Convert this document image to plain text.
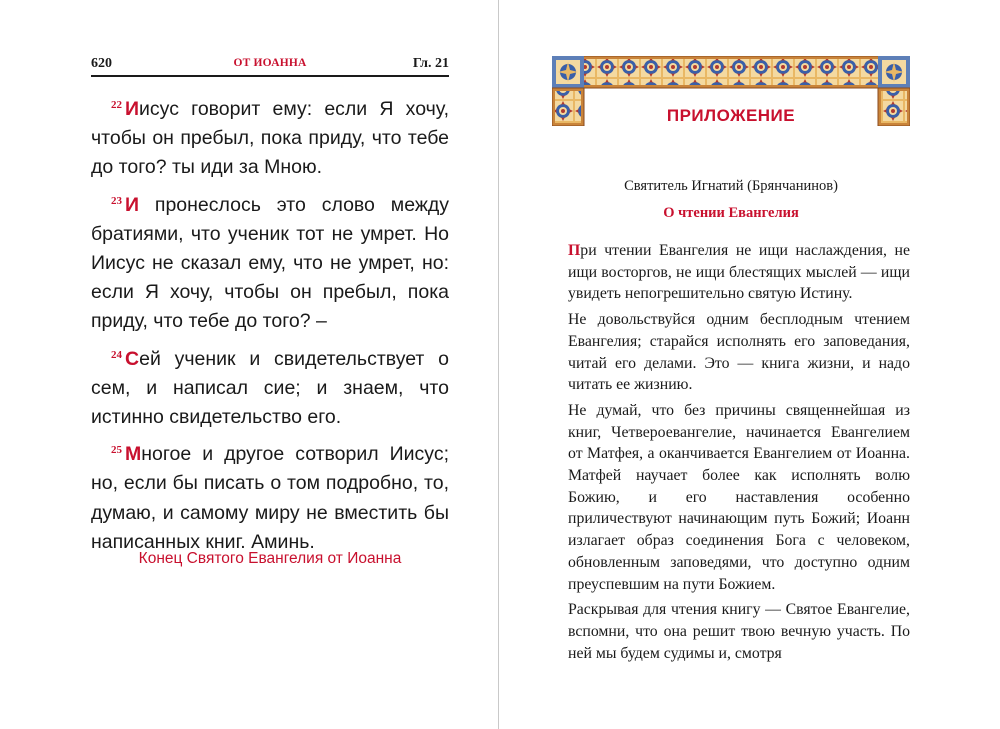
620	ОТ ИОАННА	Гл. 21

$^{22}$ Иисус говорит ему: если Я хочу, чтобы он пребыл, пока приду, что тебе до того? ты иди за Мною.

$^{23}$ И пронеслось это слово между братиями, что ученик тот не умрет. Но Иисус не сказал ему, что не умрет, но: если Я хочу, чтобы он пребыл, пока приду, что тебе до того? –

$^{24}$ Сей ученик и свидетельствует о сем, и написал сие; и знаем, что истинно свидетельство его.

$^{25}$ Многое и другое сотворил Иисус; но, если бы писать о том подробно, то, думаю, и самому миру не вместить бы написанных книг. Аминь.

Конец Святого Евангелия от Иоанна
ПРИЛОЖЕНИЕ
Святитель Игнатий (Брянчанинов)
О чтении Евангелия

При чтении Евангелия не ищи наслаждения, не ищи восторгов, не ищи блестящих мыслей — ищи увидеть непогрешительно святую Истину.

Не довольствуйся одним бесплодным чтением Евангелия; старайся исполнять его заповедания, читай его делами. Это — книга жизни, и надо читать ее жизнию.

Не думай, что без причины священнейшая из книг, Четвероевангелие, начинается Евангелием от Матфея, а оканчивается Евангелием от Иоанна. Матфей научает более как исполнять волю Божию, и его наставления особенно приличествуют начинающим путь Божий; Иоанн излагает образ соединения Бога с человеком, обновленным заповедями, что доступно одним преуспевшим на пути Божием.

Раскрывая для чтения книгу — Святое Евангелие, вспомни, что она решит твою вечную участь. По ней мы будем судимы и, смотря
